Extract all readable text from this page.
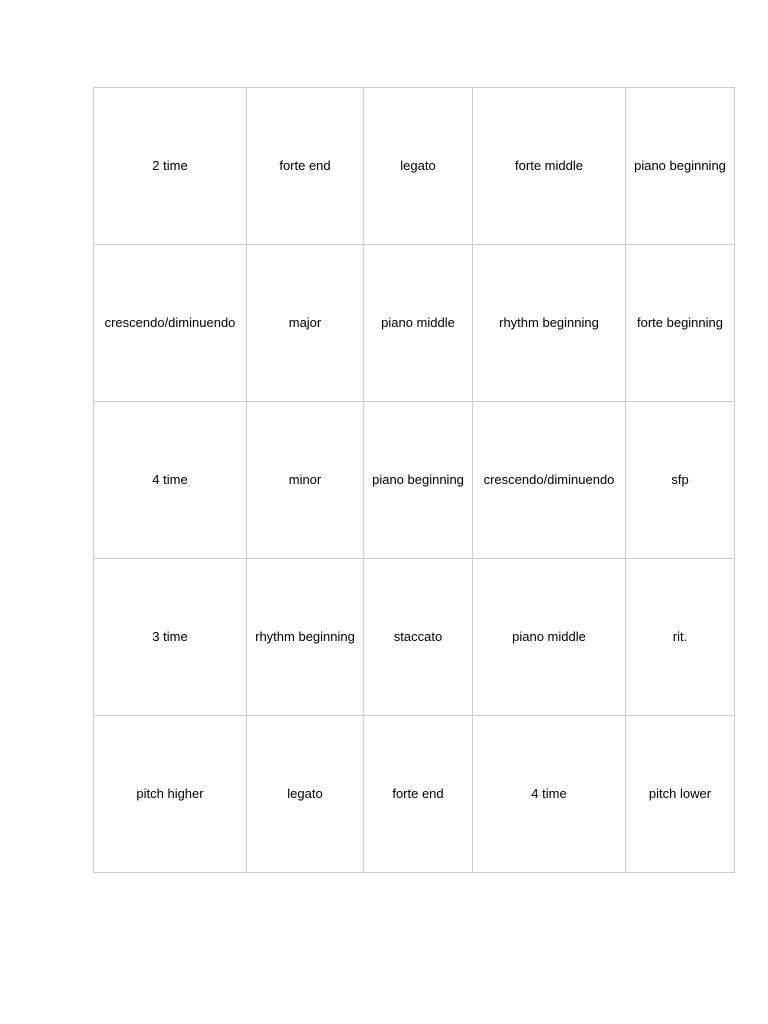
2 time	forte end	legato	forte middle	piano beginning
crescendo/diminuendo	major	piano middle	rhythm beginning	forte beginning
4 time	minor	piano beginning	crescendo/diminuendo	sfp
3 time	rhythm beginning	staccato	piano middle	rit.
pitch higher	legato	forte end	4 time	pitch lower
